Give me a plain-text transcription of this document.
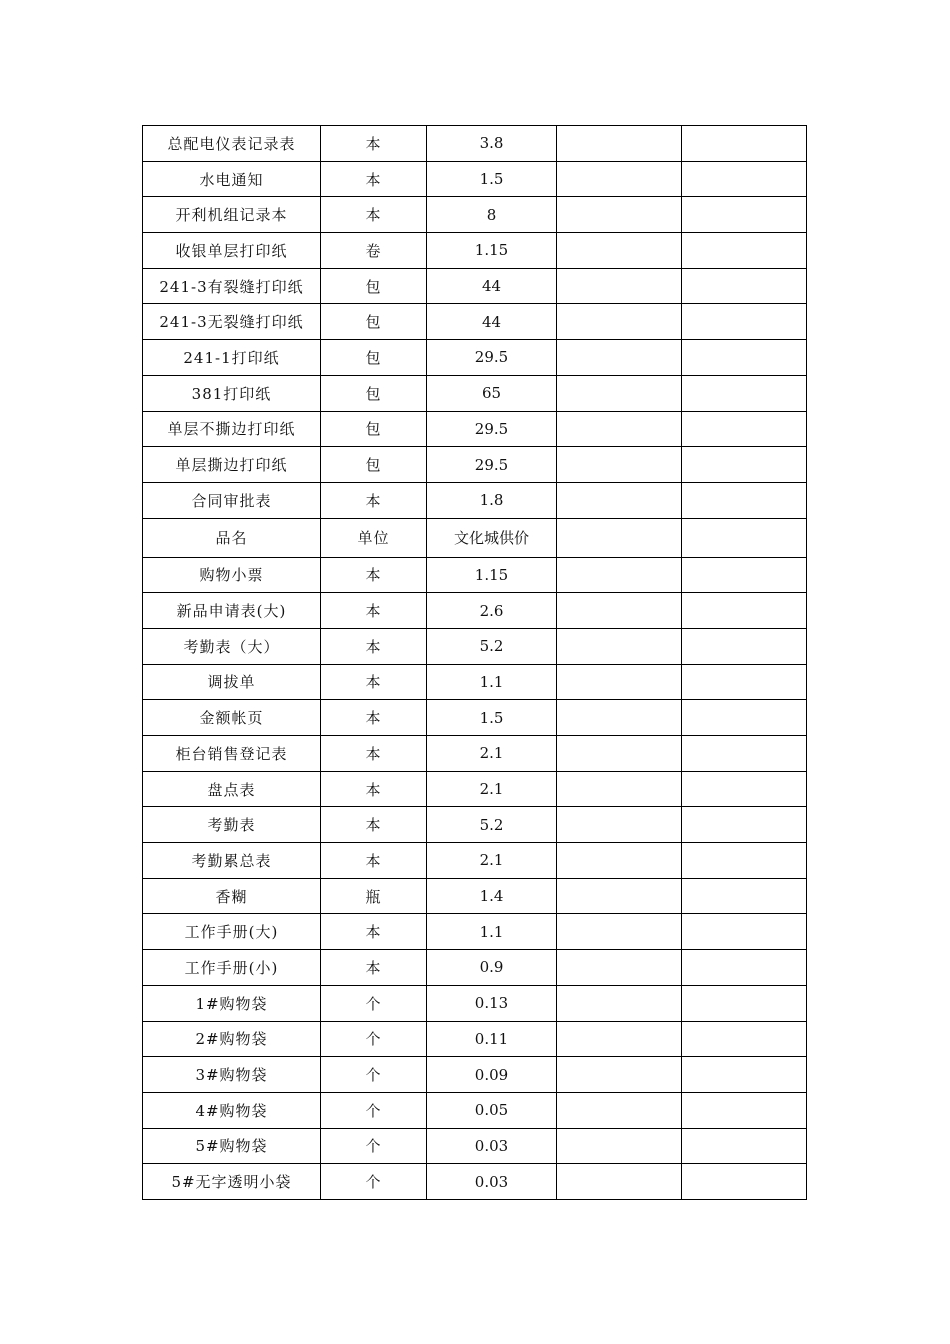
总配电仪表记录表	本	3.8		
水电通知	本	1.5		
开利机组记录本	本	8		
收银单层打印纸	卷	1.15		
241-3有裂缝打印纸	包	44		
241-3无裂缝打印纸	包	44		
241-1打印纸	包	29.5		
381打印纸	包	65		
单层不撕边打印纸	包	29.5		
单层撕边打印纸	包	29.5		
合同审批表	本	1.8		
品名	单位	文化城供价		
购物小票	本	1.15		
新品申请表(大)	本	2.6		
考勤表（大）	本	5.2		
调拔单	本	1.1		
金额帐页	本	1.5		
柜台销售登记表	本	2.1		
盘点表	本	2.1		
考勤表	本	5.2		
考勤累总表	本	2.1		
香糊	瓶	1.4		
工作手册(大)	本	1.1		
工作手册(小)	本	0.9		
1#购物袋	个	0.13		
2#购物袋	个	0.11		
3#购物袋	个	0.09		
4#购物袋	个	0.05		
5#购物袋	个	0.03		
5#无字透明小袋	个	0.03		
